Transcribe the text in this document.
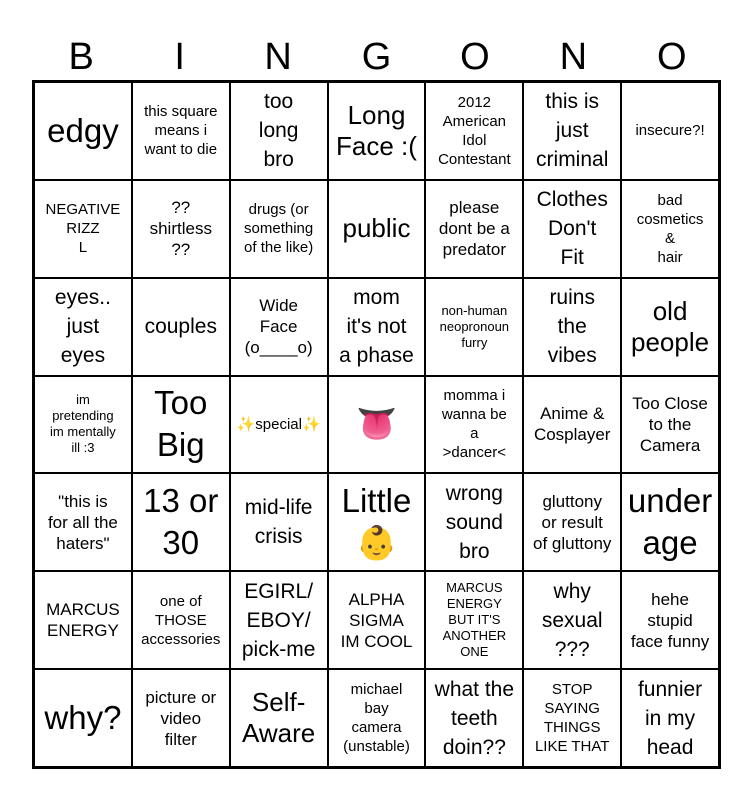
B	I	N	G	O	N	O
edgy this square
means i
want to die
too
long
bro
Long
Face :(
2012
American
Idol
Contestant
this is
just
criminal
insecure?!
NEGATIVE
RIZZ
L
??
shirtless
??
drugs (or
something
of the like)
public
please
dont be a
predator
Clothes
Don't
Fit
bad
cosmetics
&
hair
eyes..
just
eyes
couples
Wide
Face
(o____o)
mom
it's not
a phase
non-human
neopronoun
furry
ruins
the
vibes
old
people
im
pretending
im mentally
ill :3
Too
Big
✨special✨ 👅
momma i
wanna be
a
>dancer<
Anime &
Cosplayer
Too Close
to the
Camera
"this is
for all the
haters"
13 or
30
mid-life
crisis
Little
👶
wrong
sound
bro
gluttony
or result
of gluttony
under
age
MARCUS
ENERGY
one of
THOSE
accessories
EGIRL/
EBOY/
pick-me
ALPHA
SIGMA
IM COOL
MARCUS
ENERGY
BUT IT'S
ANOTHER
ONE
why
sexual
???
hehe
stupid
face funny
why?
picture or
video
filter
Self-
Aware
michael
bay
camera
(unstable)
what the
teeth
doin??
STOP
SAYING
THINGS
LIKE THAT
funnier
in my
head
